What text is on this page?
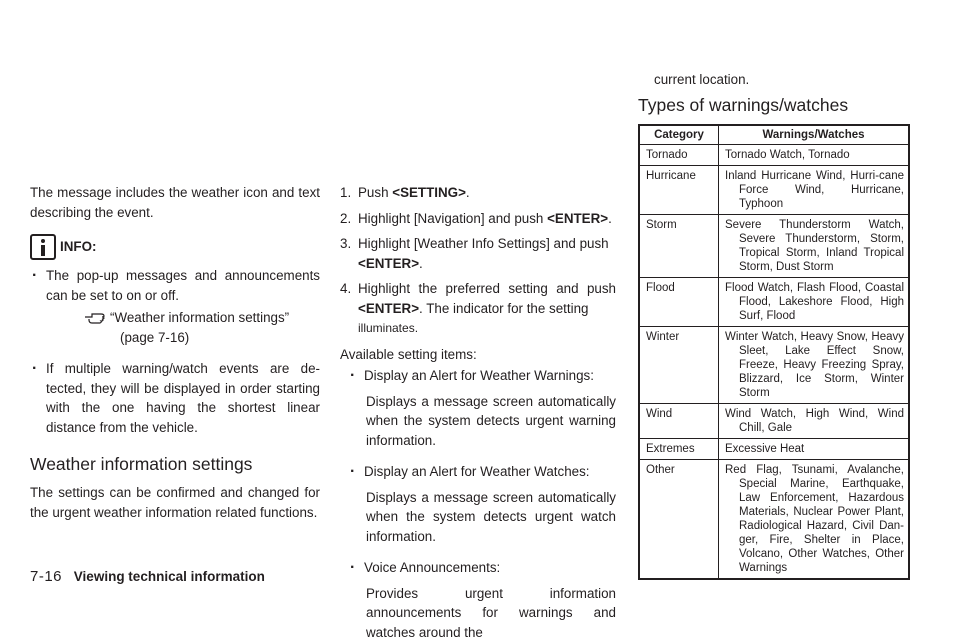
The message includes the weather icon and text describing the event.

INFO:

. The pop-up messages and announcements can be set to on or off.

“Weather information settings”
(page 7-16)

. If multiple warning/watch events are de-tected, they will be displayed in order starting with the one having the shortest linear distance from the vehicle.

Weather information settings

The settings can be confirmed and changed for the urgent weather information related functions.

1. Push <SETTING>.

2. Highlight [Navigation] and push <ENTER>.

3. Highlight [Weather Info Settings] and push <ENTER>.

4. Highlight the preferred setting and push <ENTER>. The indicator for the setting
illuminates.

Available setting items:

. Display an Alert for Weather Warnings:

Displays a message screen automatically when the system detects urgent warning information.

. Display an Alert for Weather Watches:

Displays a message screen automatically when the system detects urgent watch information.

. Voice Announcements:

Provides urgent information announcements for warnings and watches around the

current location.

Types of warnings/watches
Category	Warnings/Watches
Tornado	Tornado Watch, Tornado

Hurricane	Inland Hurricane Wind, Hurri-cane Force Wind, Hurricane, Typhoon

Storm	Severe Thunderstorm Watch, Severe Thunderstorm, Storm, Tropical Storm, Inland Tropical Storm, Dust Storm

Flood	Flood Watch, Flash Flood, Coastal Flood, Lakeshore Flood, High Surf, Flood

Winter	Winter Watch, Heavy Snow, Heavy Sleet, Lake Effect Snow, Freeze, Heavy Freezing Spray, Blizzard, Ice Storm, Winter Storm

Wind	Wind Watch, High Wind, Wind Chill, Gale

Extremes	Excessive Heat

Other	Red Flag, Tsunami, Avalanche, Special Marine, Earthquake, Law Enforcement, Hazardous Materials, Nuclear Power Plant, Radiological Hazard, Civil Dan-ger, Fire, Shelter in Place, Volcano, Other Watches, Other Warnings
7-16 Viewing technical information
